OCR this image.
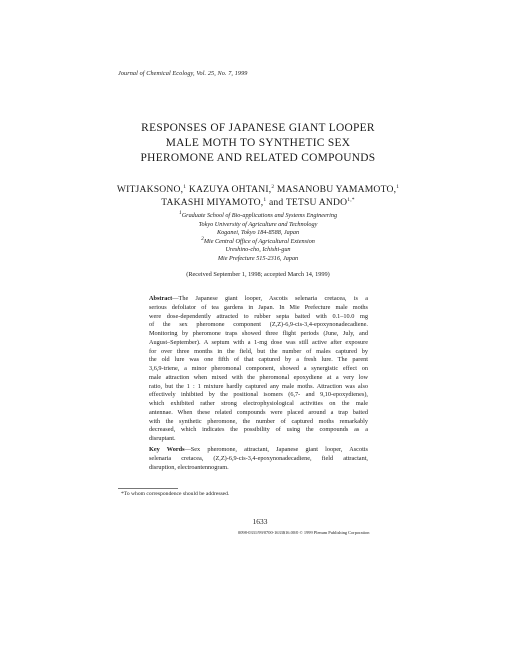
Journal of Chemical Ecology, Vol. 25, No. 7, 1999
RESPONSES OF JAPANESE GIANT LOOPER
MALE MOTH TO SYNTHETIC SEX
PHEROMONE AND RELATED COMPOUNDS
WITJAKSONO,$^1$ KAZUYA OHTANI,$^2$ MASANOBU YAMAMOTO,$^1$
TAKASHI MIYAMOTO,$^1$ and TETSU $ANDO^{1,*}$
$^1$Graduate School of Bio-applications and Systems Engineering
Tokyo University of Agriculture and Technology
Koganei, Tokyo 184-8588, Japan
$^2$Mie Central Office of Agricultural Extension
Ureshino-cho, Ichishi-gun
Mie Prefecture 515-2316, Japan
(Received September 1, 1998; accepted March 14, 1999)
Abstract—The Japanese giant looper, Ascotis selenaria cretacea, is a
serious defoliator of tea gardens in Japan. In Mie Prefecture male moths
were dose-dependently attracted to rubber septa baited with 0.1–10.0 mg
of the sex pheromone component (Z,Z)-6,9-cis-3,4-epoxynonadecadiene.
Monitoring by pheromone traps showed three flight periods (June, July, and
August–September). A septum with a 1-mg dose was still active after exposure
for over three months in the field, but the number of males captured by
the old lure was one fifth of that captured by a fresh lure. The parent
3,6,9-triene, a minor pheromonal component, showed a synergistic effect on
male attraction when mixed with the pheromonal epoxydiene at a very low
ratio, but the 1 : 1 mixture hardly captured any male moths. Attraction was also
effectively inhibited by the positional isomers (6,7- and 9,10-epoxydienes),
which exhibited rather strong electrophysiological activities on the male
antennae. When these related compounds were placed around a trap baited
with the synthetic pheromone, the number of captured moths remarkably
decreased, which indicates the possibility of using the compounds as a
disruptant.
Key Words—Sex pheromone, attractant, Japanese giant looper, Ascotis
selenaria cretacea, (Z,Z)-6,9-cis-3,4-epoxynonadecadiene, field attractant,
disruption, electroantennogram.
*To whom correspondence should be addressed.
1633
0098-0331/99/0700-1633$16.00/0 © 1999 Plenum Publishing Corporation
